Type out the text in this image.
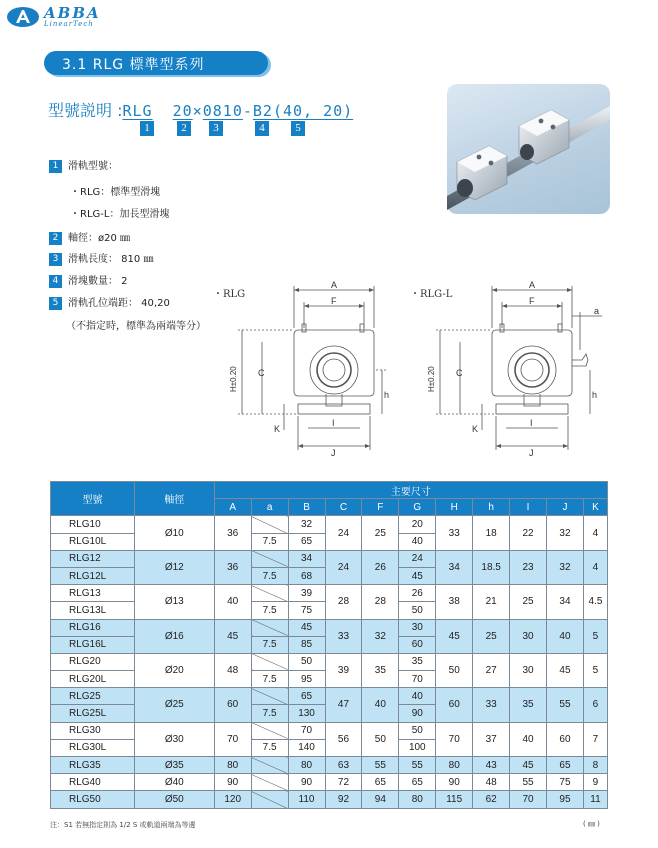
ABBA
LinearTech
3.1 RLG 標準型系列
型號説明 :RLG 20×0810-B2(40, 20)
1	2	3	4	5
1 滑軌型號：
・RLG：標準型滑塊
・RLG-L：加長型滑塊
2 軸徑：ø20 ㎜
3 滑軌長度： 810 ㎜
4 滑塊數量： 2
5 滑軌孔位端距： 40,20
（不指定時，標準為兩端等分）
・RLG	・RLG-L
A
F
C
h
K
I
J
H±0.20
A
F
a
C
h
K
I
J
H±0.20
型號	軸徑	主要尺寸										
		A	a	B	C	F	G	H	h	I	J	K
RLG10	Ø10	36		32	24	25	20	33	18	22	32	4
RLG10L			7.5	65			40					
RLG12	Ø12	36		34	24	26	24	34	18.5	23	32	4
RLG12L			7.5	68			45					
RLG13	Ø13	40		39	28	28	26	38	21	25	34	4.5
RLG13L			7.5	75			50					
RLG16	Ø16	45		45	33	32	30	45	25	30	40	5
RLG16L			7.5	85			60					
RLG20	Ø20	48		50	39	35	35	50	27	30	45	5
RLG20L			7.5	95			70					
RLG25	Ø25	60		65	47	40	40	60	33	35	55	6
RLG25L			7.5	130			90					
RLG30	Ø30	70		70	56	50	50	70	37	40	60	7
RLG30L			7.5	140			100					
RLG35	Ø35	80		80	63	55	55	80	43	45	65	8
RLG40	Ø40	90		90	72	65	65	90	48	55	75	9
RLG50	Ø50	120		110	92	94	80	115	62	70	95	11
注：S1 若無指定則為 1/2 S 或軌道兩端為等邊	( ㎜ )
